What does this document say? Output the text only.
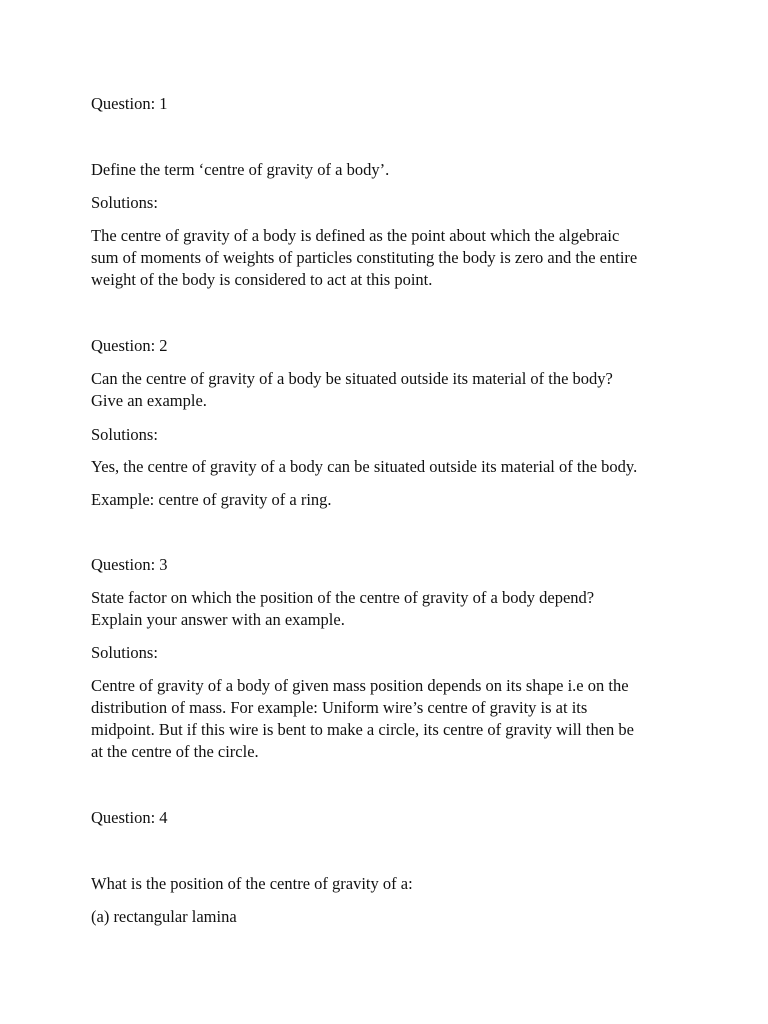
Question: 1
Define the term ‘centre of gravity of a body’.
Solutions:
The centre of gravity of a body is defined as the point about which the algebraic
sum of moments of weights of particles constituting the body is zero and the entire
weight of the body is considered to act at this point.
Question: 2
Can the centre of gravity of a body be situated outside its material of the body?
Give an example.
Solutions:
Yes, the centre of gravity of a body can be situated outside its material of the body.
Example: centre of gravity of a ring.
Question: 3
State factor on which the position of the centre of gravity of a body depend?
Explain your answer with an example.
Solutions:
Centre of gravity of a body of given mass position depends on its shape i.e on the
distribution of mass. For example: Uniform wire’s centre of gravity is at its
midpoint. But if this wire is bent to make a circle, its centre of gravity will then be
at the centre of the circle.
Question: 4
What is the position of the centre of gravity of a:
(a) rectangular lamina
